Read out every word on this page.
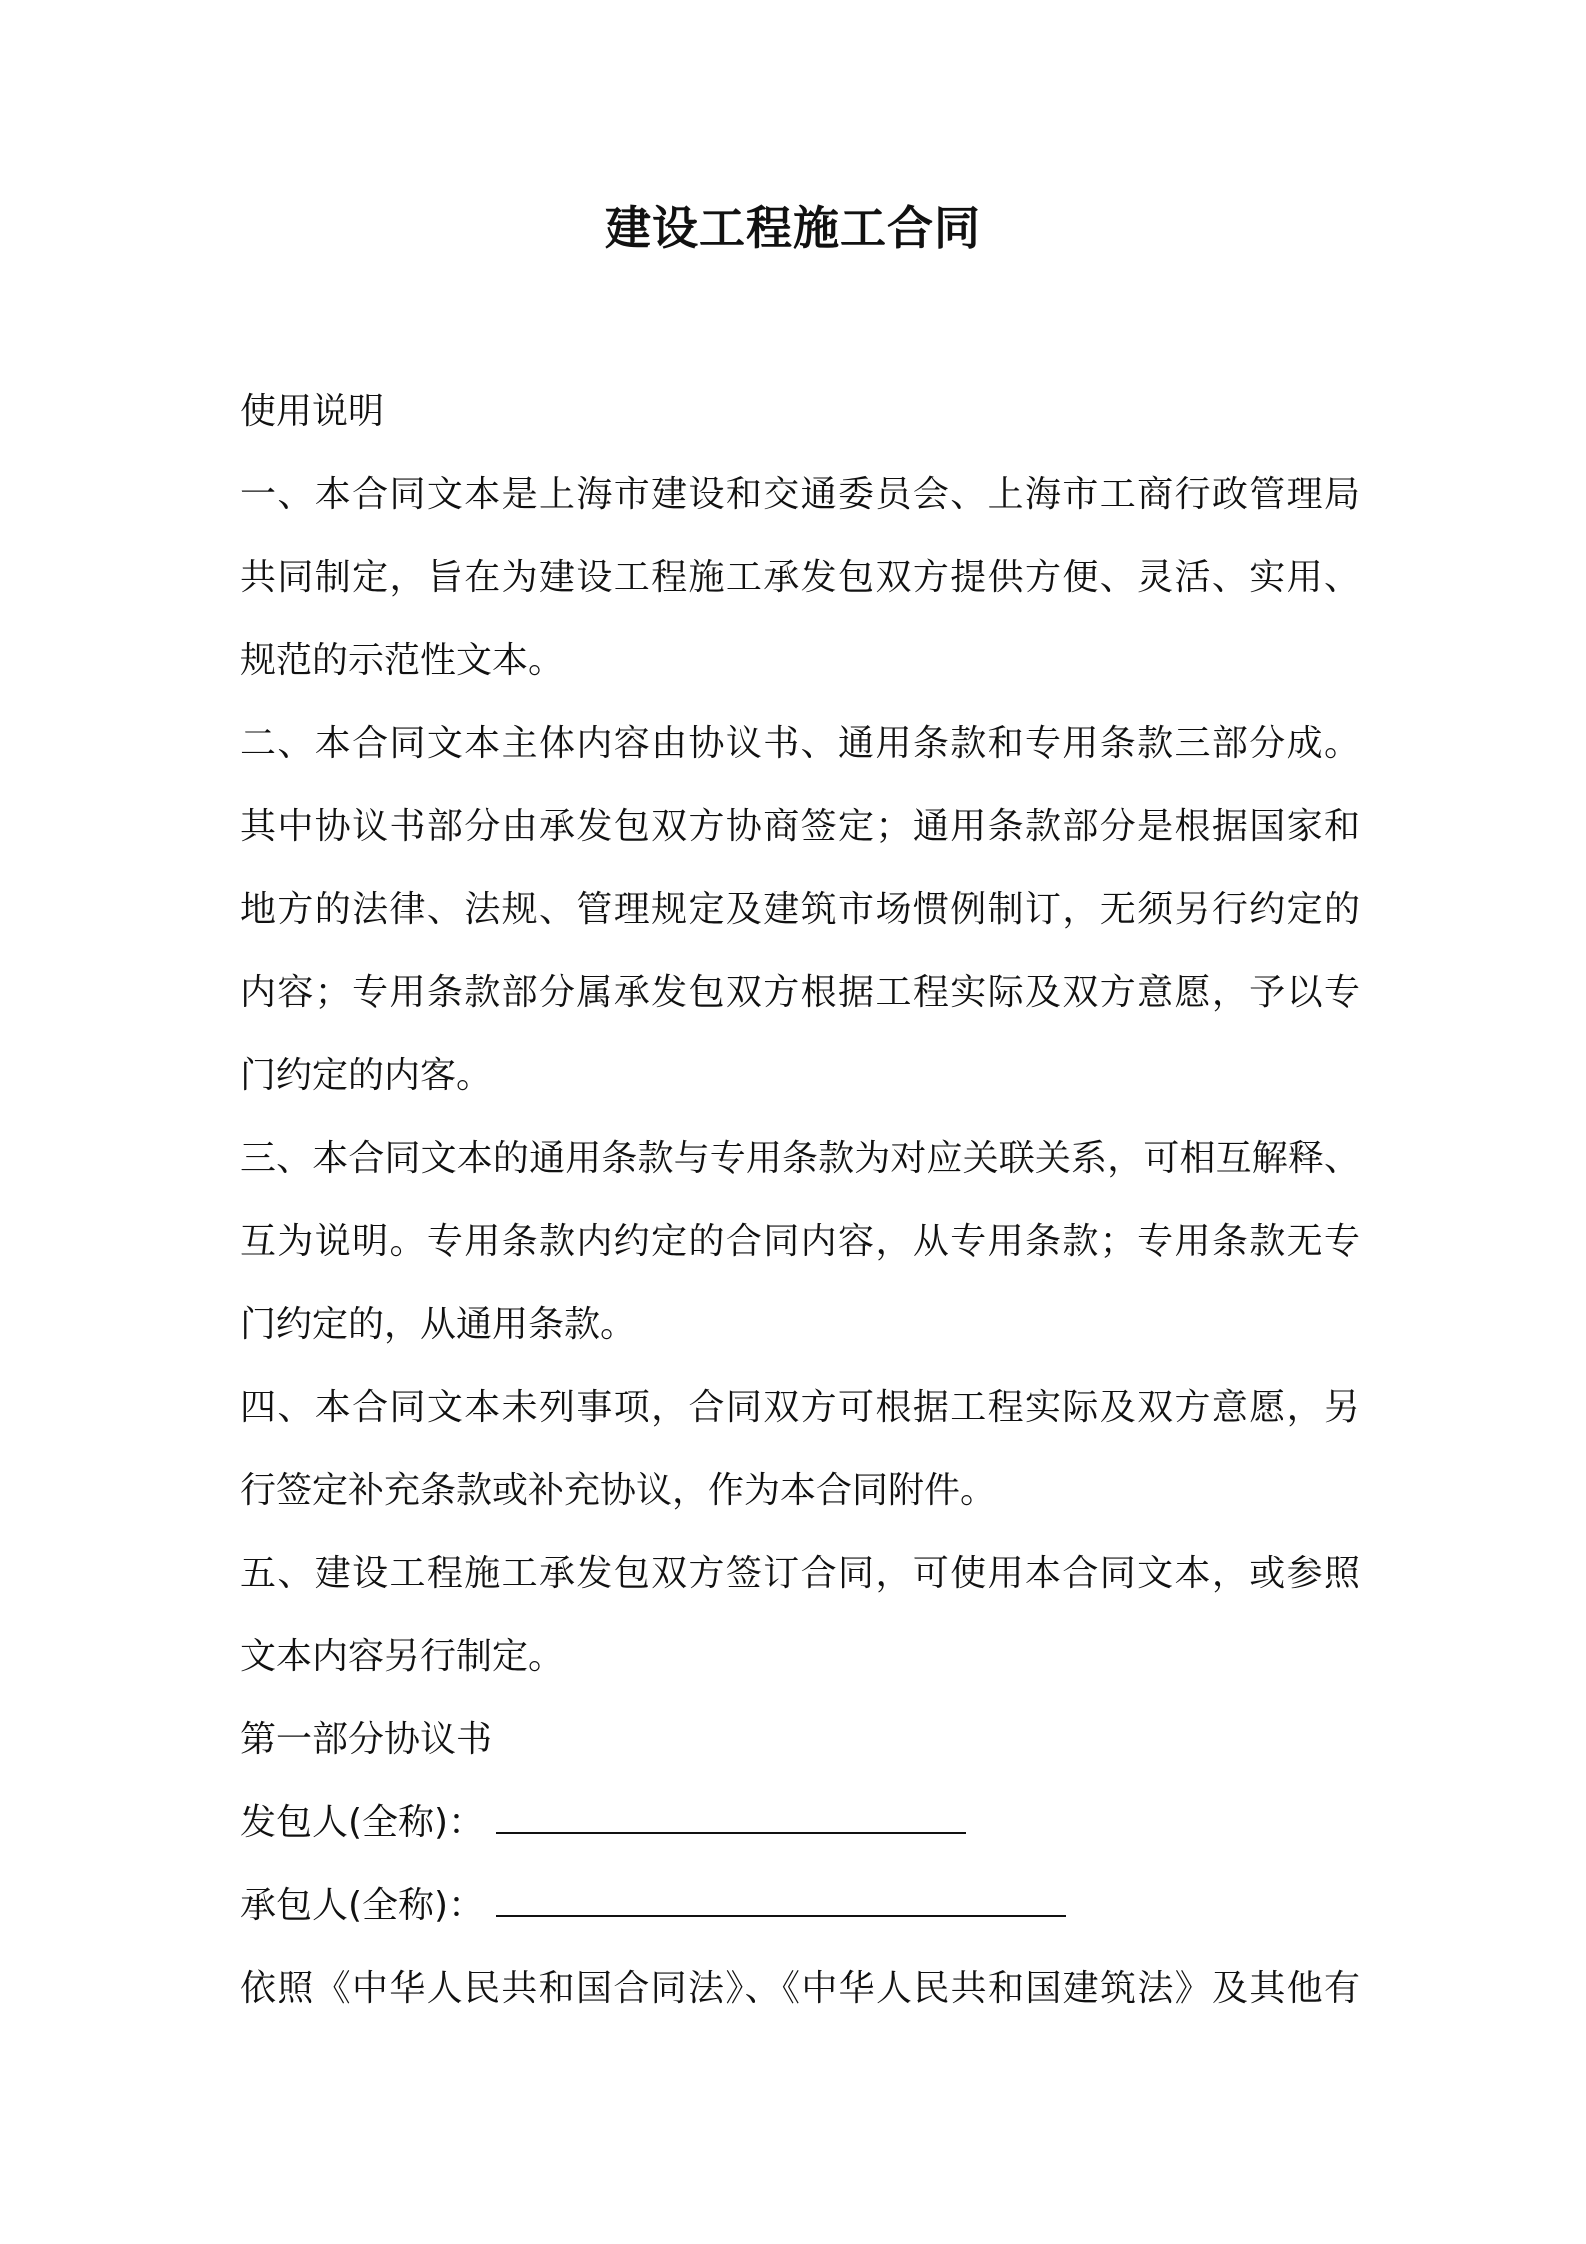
建设工程施工合同
使用说明
一、本合同文本是上海市建设和交通委员会、上海市工商行政管理局
共同制定，旨在为建设工程施工承发包双方提供方便、灵活、实用、
规范的示范性文本。
二、本合同文本主体内容由协议书、通用条款和专用条款三部分成。
其中协议书部分由承发包双方协商签定；通用条款部分是根据国家和
地方的法律、法规、管理规定及建筑市场惯例制订，无须另行约定的
内容；专用条款部分属承发包双方根据工程实际及双方意愿，予以专
门约定的内客。
三、本合同文本的通用条款与专用条款为对应关联关系，可相互解释、
互为说明。专用条款内约定的合同内容，从专用条款；专用条款无专
门约定的，从通用条款。
四、本合同文本未列事项，合同双方可根据工程实际及双方意愿，另
行签定补充条款或补充协议，作为本合同附件。
五、建设工程施工承发包双方签订合同，可使用本合同文本，或参照
文本内容另行制定。
第一部分协议书
发包人(全称)：
承包人(全称)：
依照《中华人民共和国合同法》、《中华人民共和国建筑法》及其他有
